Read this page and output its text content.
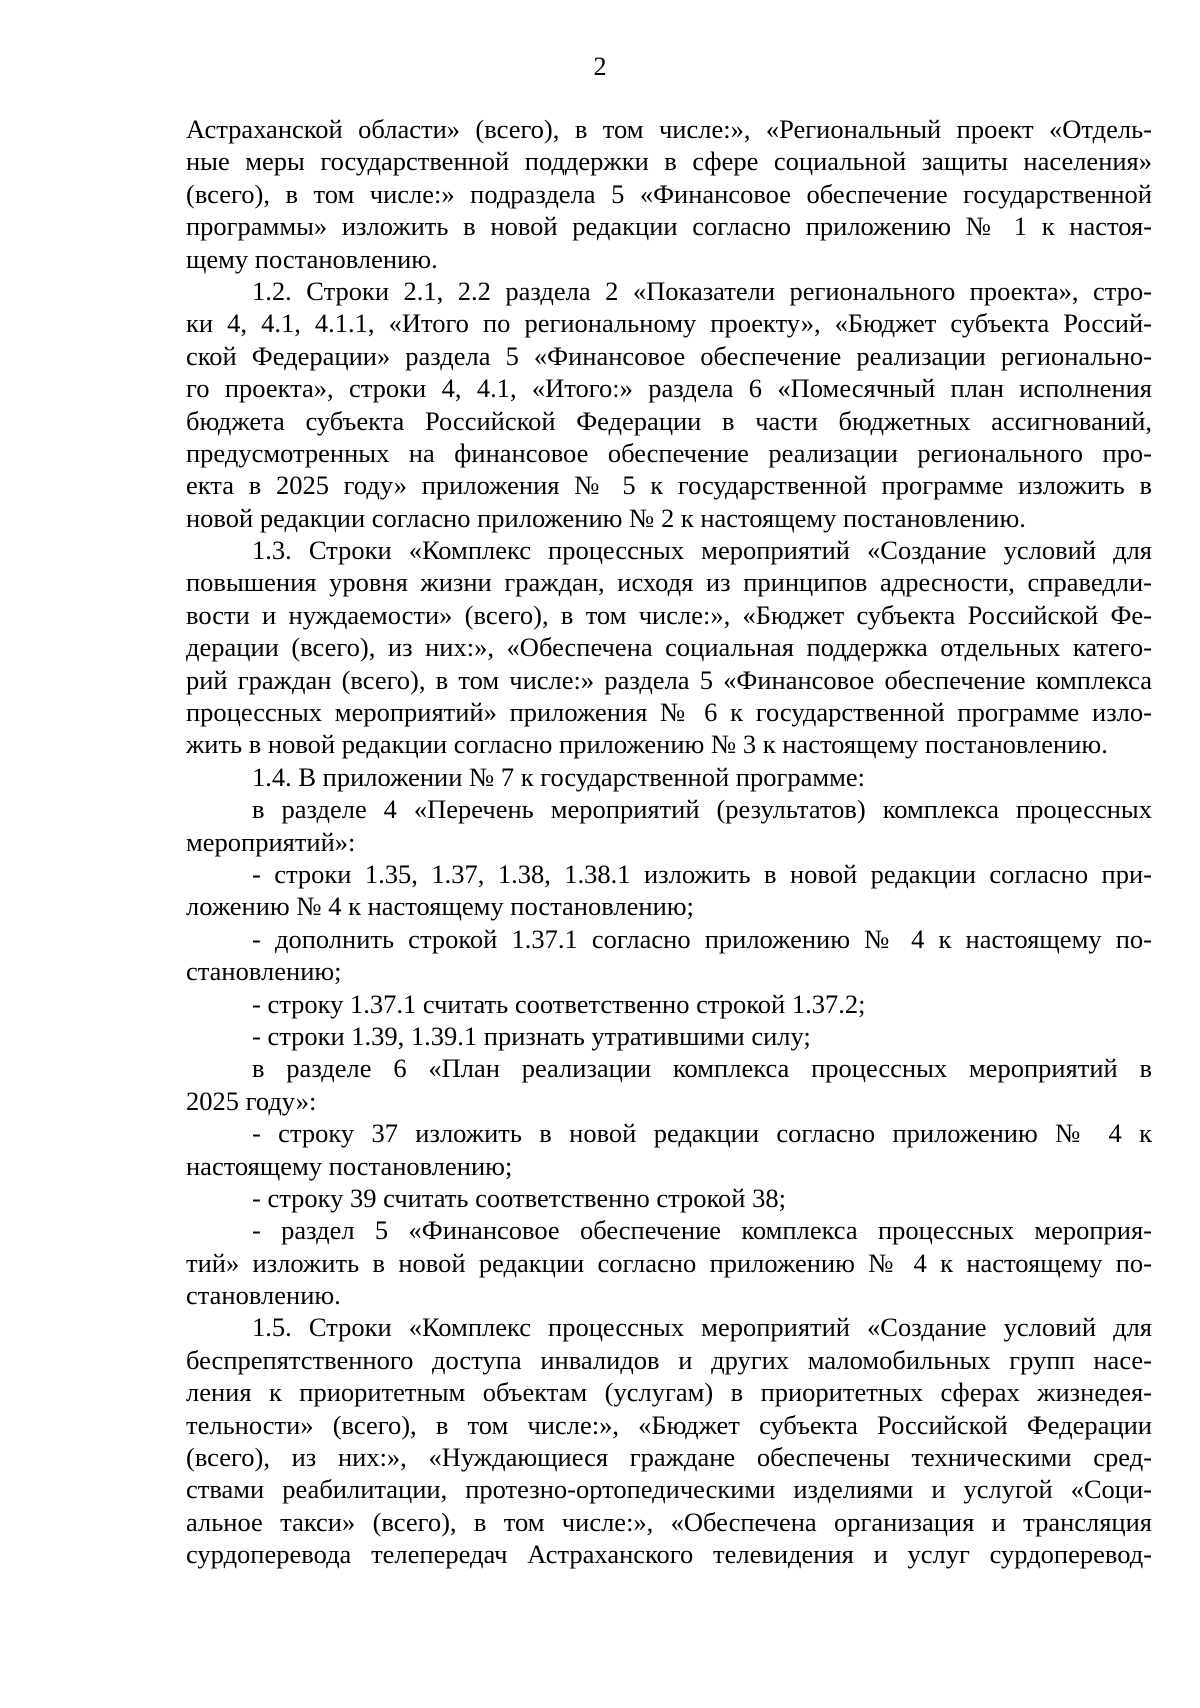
2
Астраханской области» (всего), в том числе:», «Региональный проект «Отдель-
ные меры государственной поддержки в сфере социальной защиты населения»
(всего), в том числе:» подраздела 5 «Финансовое обеспечение государственной
программы» изложить в новой редакции согласно приложению № 1 к настоя-
щему постановлению.
1.2. Строки 2.1, 2.2 раздела 2 «Показатели регионального проекта», стро-
ки 4, 4.1, 4.1.1, «Итого по региональному проекту», «Бюджет субъекта Россий-
ской Федерации» раздела 5 «Финансовое обеспечение реализации регионально-
го проекта», строки 4, 4.1, «Итого:» раздела 6 «Помесячный план исполнения
бюджета субъекта Российской Федерации в части бюджетных ассигнований,
предусмотренных на финансовое обеспечение реализации регионального про-
екта в 2025 году» приложения № 5 к государственной программе изложить в
новой редакции согласно приложению № 2 к настоящему постановлению.
1.3. Строки «Комплекс процессных мероприятий «Создание условий для
повышения уровня жизни граждан, исходя из принципов адресности, справедли-
вости и нуждаемости» (всего), в том числе:», «Бюджет субъекта Российской Фе-
дерации (всего), из них:», «Обеспечена социальная поддержка отдельных катего-
рий граждан (всего), в том числе:» раздела 5 «Финансовое обеспечение комплекса
процессных мероприятий» приложения № 6 к государственной программе изло-
жить в новой редакции согласно приложению № 3 к настоящему постановлению.
1.4. В приложении № 7 к государственной программе:
в разделе 4 «Перечень мероприятий (результатов) комплекса процессных
мероприятий»:
- строки 1.35, 1.37, 1.38, 1.38.1 изложить в новой редакции согласно при-
ложению № 4 к настоящему постановлению;
- дополнить строкой 1.37.1 согласно приложению № 4 к настоящему по-
становлению;
- строку 1.37.1 считать соответственно строкой 1.37.2;
- строки 1.39, 1.39.1 признать утратившими силу;
в разделе 6 «План реализации комплекса процессных мероприятий в
2025 году»:
- строку 37 изложить в новой редакции согласно приложению № 4 к
настоящему постановлению;
- строку 39 считать соответственно строкой 38;
- раздел 5 «Финансовое обеспечение комплекса процессных мероприя-
тий» изложить в новой редакции согласно приложению № 4 к настоящему по-
становлению.
1.5. Строки «Комплекс процессных мероприятий «Создание условий для
беспрепятственного доступа инвалидов и других маломобильных групп насе-
ления к приоритетным объектам (услугам) в приоритетных сферах жизнедея-
тельности» (всего), в том числе:», «Бюджет субъекта Российской Федерации
(всего), из них:», «Нуждающиеся граждане обеспечены техническими сред-
ствами реабилитации, протезно-ортопедическими изделиями и услугой «Соци-
альное такси» (всего), в том числе:», «Обеспечена организация и трансляция
сурдоперевода телепередач Астраханского телевидения и услуг сурдоперевод-
